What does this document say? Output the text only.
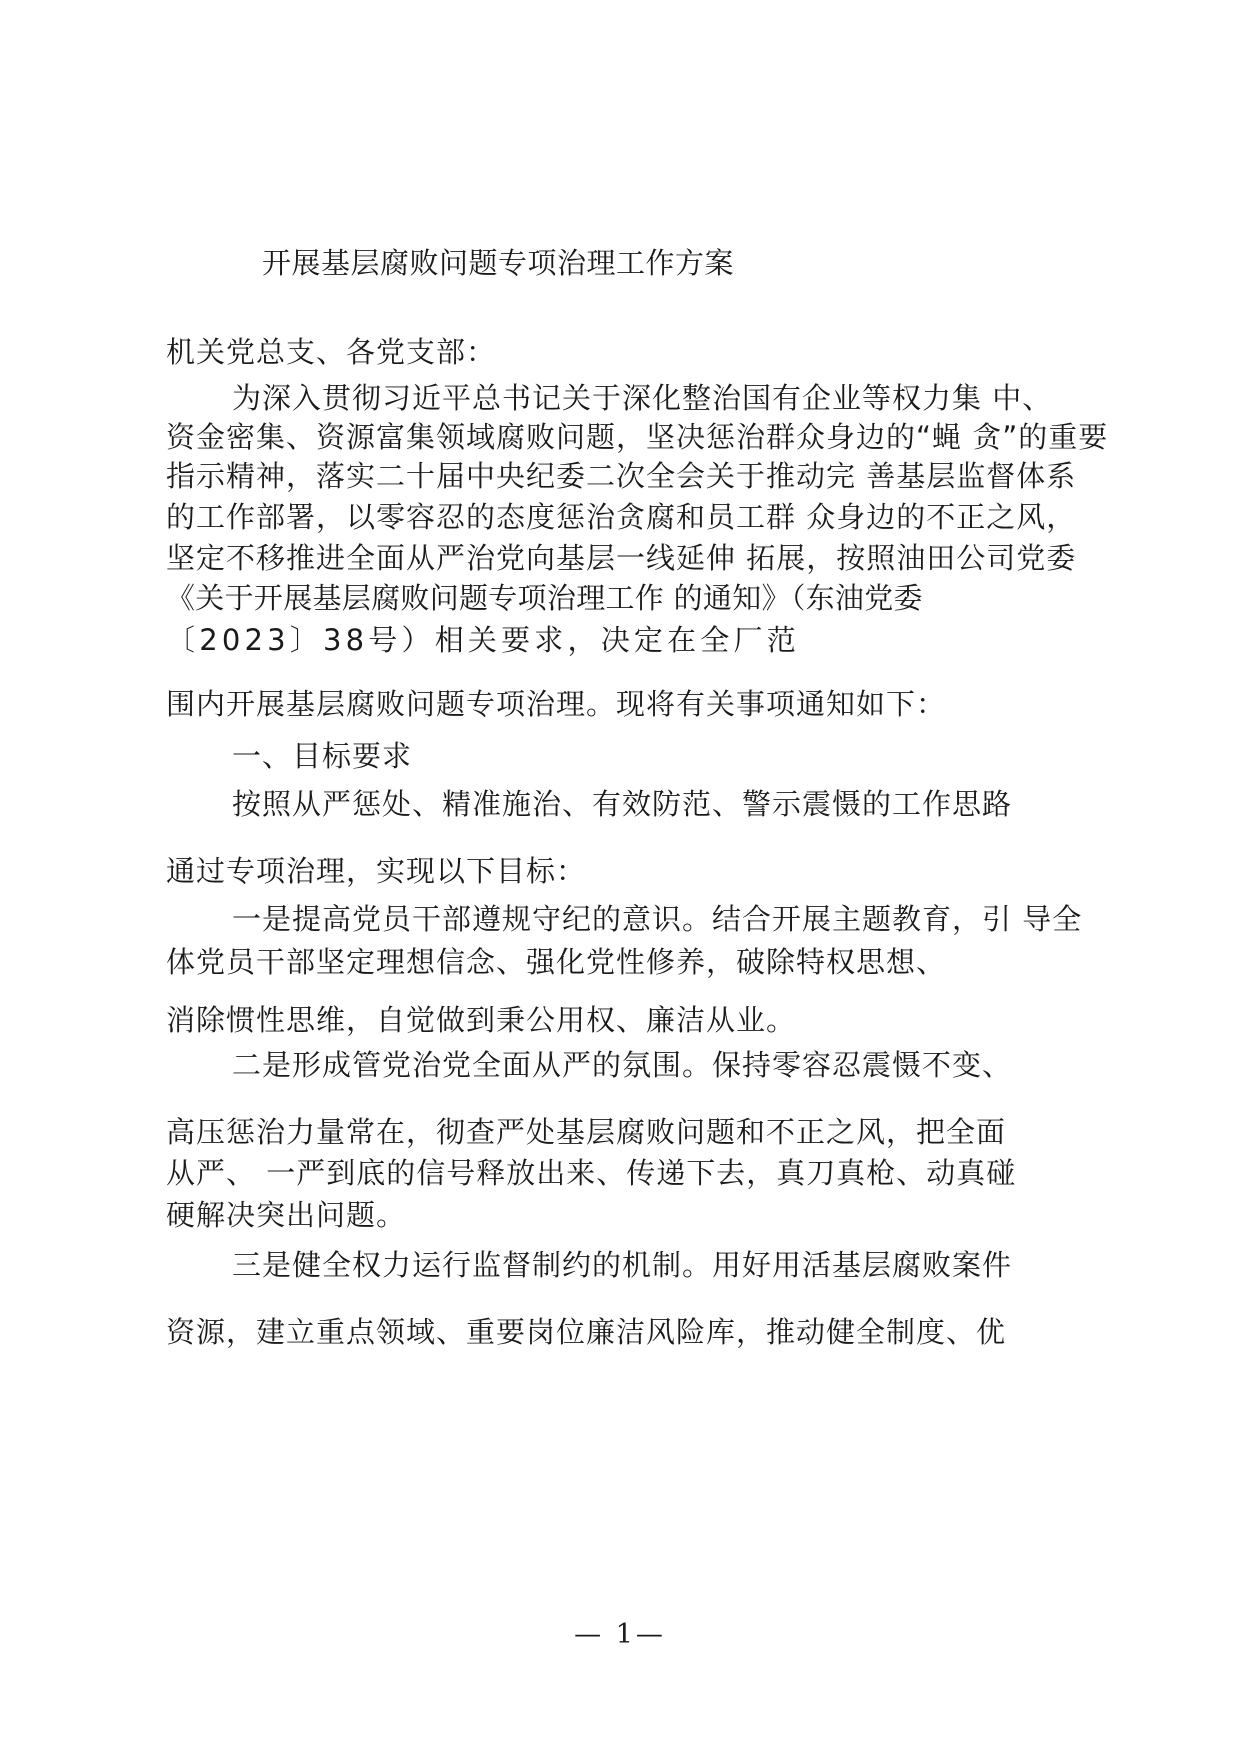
开展基层腐败问题专项治理工作方案
机关党总支、各党支部：
为深入贯彻习近平总书记关于深化整治国有企业等权力集 中、
资金密集、资源富集领域腐败问题，坚决惩治群众身边的“蝇 贪”的重要
指示精神，落实二十届中央纪委二次全会关于推动完 善基层监督体系
的工作部署，以零容忍的态度惩治贪腐和员工群 众身边的不正之风，
坚定不移推进全面从严治党向基层一线延伸 拓展，按照油田公司党委
《关于开展基层腐败问题专项治理工作 的通知》（东油党委
〔2023〕38号）相关要求，决定在全厂范
围内开展基层腐败问题专项治理。现将有关事项通知如下：
一、目标要求
按照从严惩处、精准施治、有效防范、警示震慑的工作思路
通过专项治理，实现以下目标：
一是提高党员干部遵规守纪的意识。结合开展主题教育，引 导全
体党员干部坚定理想信念、强化党性修养，破除特权思想、
消除惯性思维，自觉做到秉公用权、廉洁从业。
二是形成管党治党全面从严的氛围。保持零容忍震慑不变、
高压惩治力量常在，彻查严处基层腐败问题和不正之风，把全面
从严、 一严到底的信号释放出来、传递下去，真刀真枪、动真碰
硬解决突出问题。
三是健全权力运行监督制约的机制。用好用活基层腐败案件
资源，建立重点领域、重要岗位廉洁风险库，推动健全制度、优
— 1—
